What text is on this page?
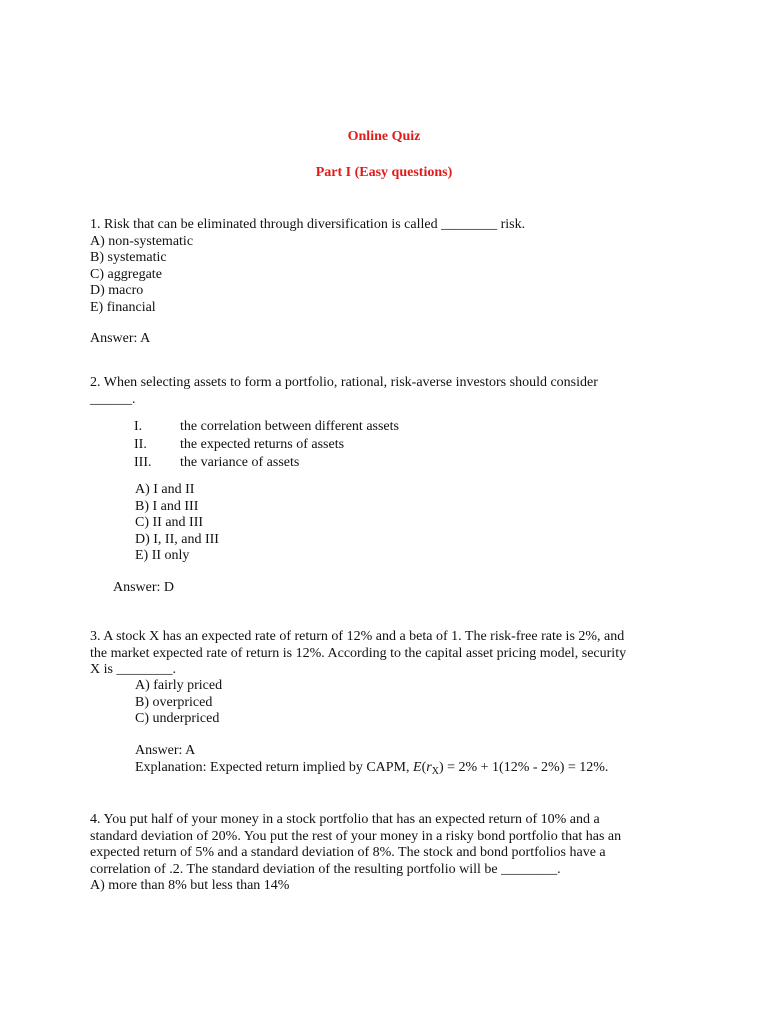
Online Quiz
Part I (Easy questions)
1. Risk that can be eliminated through diversification is called ________ risk.
A) non-systematic
B) systematic
C) aggregate
D) macro
E) financial
Answer: A
2. When selecting assets to form a portfolio, rational, risk-averse investors should consider
______.
I.	the correlation between different assets
II. the expected returns of assets
III. the variance of assets
A) I and II
B) I and III
C) II and III
D) I, II, and III
E) II only
Answer: D
3. A stock X has an expected rate of return of 12% and a beta of 1. The risk-free rate is 2%, and
the market expected rate of return is 12%. According to the capital asset pricing model, security
X is ________.
A) fairly priced
B) overpriced
C) underpriced
Answer: A
Explanation: Expected return implied by CAPM, $E(r_X) = 2\% + 1(12\% - 2\%) = 12\%$.
4. You put half of your money in a stock portfolio that has an expected return of 10% and a
standard deviation of 20%. You put the rest of your money in a risky bond portfolio that has an
expected return of 5% and a standard deviation of 8%. The stock and bond portfolios have a
correlation of .2. The standard deviation of the resulting portfolio will be ________.
A) more than 8% but less than 14%
